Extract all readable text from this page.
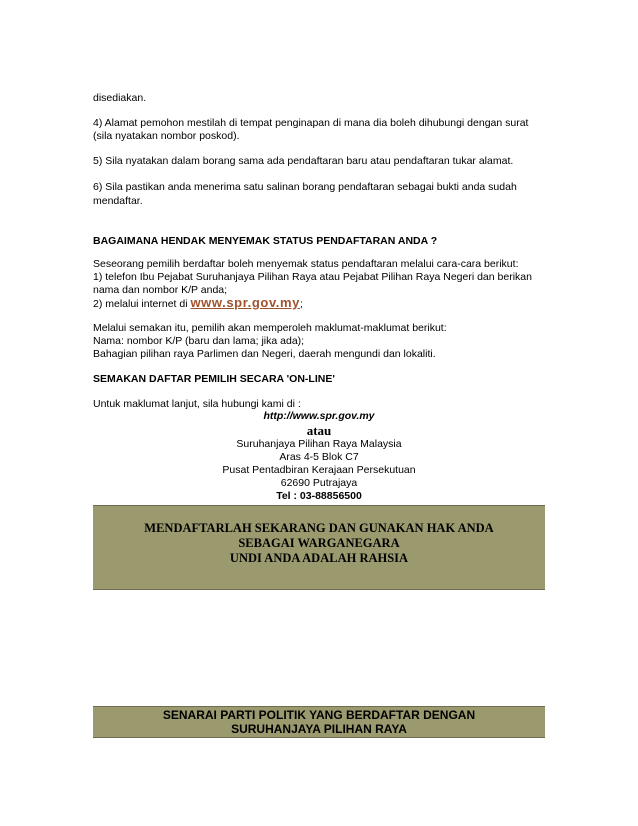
disediakan.

4) Alamat pemohon mestilah di tempat penginapan di mana dia boleh dihubungi dengan surat

(sila nyatakan nombor poskod).

5) Sila nyatakan dalam borang sama ada pendaftaran baru atau pendaftaran tukar alamat.

6) Sila pastikan anda menerima satu salinan borang pendaftaran sebagai bukti anda sudah

mendaftar.

BAGAIMANA HENDAK MENYEMAK STATUS PENDAFTARAN ANDA ?

Seseorang pemilih berdaftar boleh menyemak status pendaftaran melalui cara-cara berikut:

1) telefon Ibu Pejabat Suruhanjaya Pilihan Raya atau Pejabat Pilihan Raya Negeri dan berikan

nama dan nombor K/P anda;

2) melalui internet di www.spr.gov.my;

Melalui semakan itu, pemilih akan memperoleh maklumat-maklumat berikut:

Nama: nombor K/P (baru dan lama; jika ada);

Bahagian pilihan raya Parlimen dan Negeri, daerah mengundi dan lokaliti.

SEMAKAN DAFTAR PEMILIH SECARA 'ON-LINE'

Untuk maklumat lanjut, sila hubungi kami di :

http://www.spr.gov.my

atau

Suruhanjaya Pilihan Raya Malaysia

Aras 4-5 Blok C7

Pusat Pentadbiran Kerajaan Persekutuan

62690 Putrajaya

Tel : 03-88856500

MENDAFTARLAH SEKARANG DAN GUNAKAN HAK ANDA
SEBAGAI WARGANEGARA
UNDI ANDA ADALAH RAHSIA
SENARAI PARTI POLITIK YANG BERDAFTAR DENGAN
SURUHANJAYA PILIHAN RAYA
